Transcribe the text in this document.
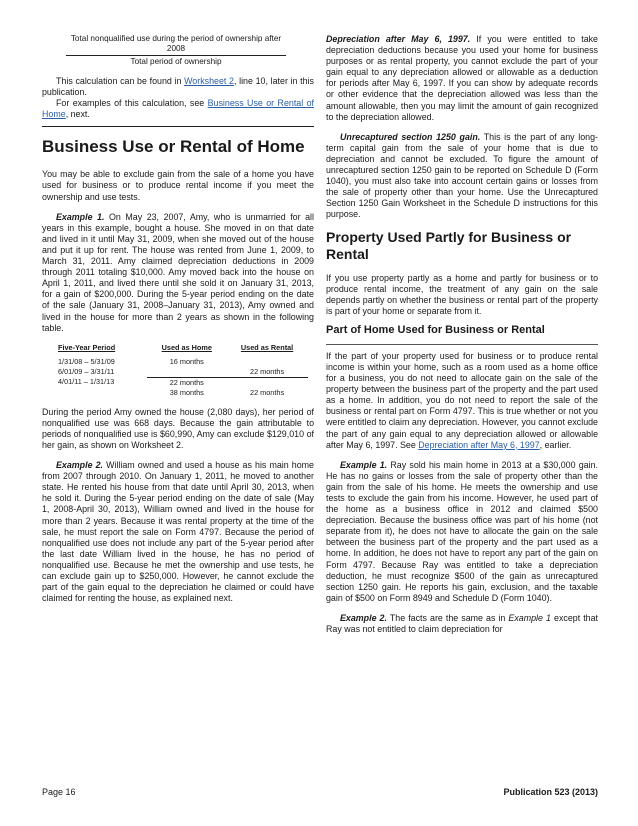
Total nonqualified use during the period of ownership after 2008
Total period of ownership

This calculation can be found in Worksheet 2, line 10, later in this publication.

For examples of this calculation, see Business Use or Rental of Home, next.

Business Use or Rental of Home

You may be able to exclude gain from the sale of a home you have used for business or to produce rental income if you meet the ownership and use tests.

Example 1. On May 23, 2007, Amy, who is unmarried for all years in this example, bought a house. She moved in on that date and lived in it until May 31, 2009, when she moved out of the house and put it up for rent. The house was rented from June 1, 2009, to March 31, 2011. Amy claimed depreciation deductions in 2009 through 2011 totaling $10,000. Amy moved back into the house on April 1, 2011, and lived there until she sold it on January 31, 2013, for a gain of $200,000. During the 5-year period ending on the date of the sale (January 31, 2008–January 31, 2013), Amy owned and lived in the house for more than 2 years as shown in the following table.

Five-Year Period	Used as Home	Used as Rental
1/31/08 – 5/31/09	16 months	
6/01/09 – 3/31/11		22 months
4/01/11 – 1/31/13	22 months	
	38 months	22 months

During the period Amy owned the house (2,080 days), her period of nonqualified use was 668 days. Because the gain attributable to periods of nonqualified use is $60,990, Amy can exclude $129,010 of her gain, as shown on Worksheet 2.

Example 2. William owned and used a house as his main home from 2007 through 2010. On January 1, 2011, he moved to another state. He rented his house from that date until April 30, 2013, when he sold it. During the 5-year period ending on the date of sale (May 1, 2008-April 30, 2013), William owned and lived in the house for more than 2 years. Because it was rental property at the time of the sale, he must report the sale on Form 4797. Because the period of nonqualified use does not include any part of the 5-year period after the last date William lived in the house, he has no period of nonqualified use. Because he met the ownership and use tests, he can exclude gain up to $250,000. However, he cannot exclude the part of the gain equal to the depreciation he claimed or could have claimed for renting the house, as explained next.

Depreciation after May 6, 1997. If you were entitled to take depreciation deductions because you used your home for business purposes or as rental property, you cannot exclude the part of your gain equal to any depreciation allowed or allowable as a deduction for periods after May 6, 1997. If you can show by adequate records or other evidence that the depreciation allowed was less than the amount allowable, then you may limit the amount of gain recognized to the depreciation allowed.

Unrecaptured section 1250 gain. This is the part of any long-term capital gain from the sale of your home that is due to depreciation and cannot be excluded. To figure the amount of unrecaptured section 1250 gain to be reported on Schedule D (Form 1040), you must also take into account certain gains or losses from the sale of property other than your home. Use the Unrecaptured Section 1250 Gain Worksheet in the Schedule D instructions for this purpose.

Property Used Partly for Business or Rental

If you use property partly as a home and partly for business or to produce rental income, the treatment of any gain on the sale depends partly on whether the business or rental part of the property is part of your home or separate from it.

Part of Home Used for Business or Rental

If the part of your property used for business or to produce rental income is within your home, such as a room used as a home office for a business, you do not need to allocate gain on the sale of the property between the business part of the property and the part used as a home. In addition, you do not need to report the sale of the business or rental part on Form 4797. This is true whether or not you were entitled to claim any depreciation. However, you cannot exclude the part of any gain equal to any depreciation allowed or allowable after May 6, 1997. See Depreciation after May 6, 1997, earlier.

Example 1. Ray sold his main home in 2013 at a $30,000 gain. He has no gains or losses from the sale of property other than the gain from the sale of his home. He meets the ownership and use tests to exclude the gain from his income. However, he used part of the home as a business office in 2012 and claimed $500 depreciation. Because the business office was part of his home (not separate from it), he does not have to allocate the gain on the sale between the business part of the property and the part used as a home. In addition, he does not have to report any part of the gain on Form 4797. Because Ray was entitled to take a depreciation deduction, he must recognize $500 of the gain as unrecaptured section 1250 gain. He reports his gain, exclusion, and the taxable gain of $500 on Form 8949 and Schedule D (Form 1040).

Example 2. The facts are the same as in Example 1 except that Ray was not entitled to claim depreciation for

Page 16	Publication 523 (2013)
